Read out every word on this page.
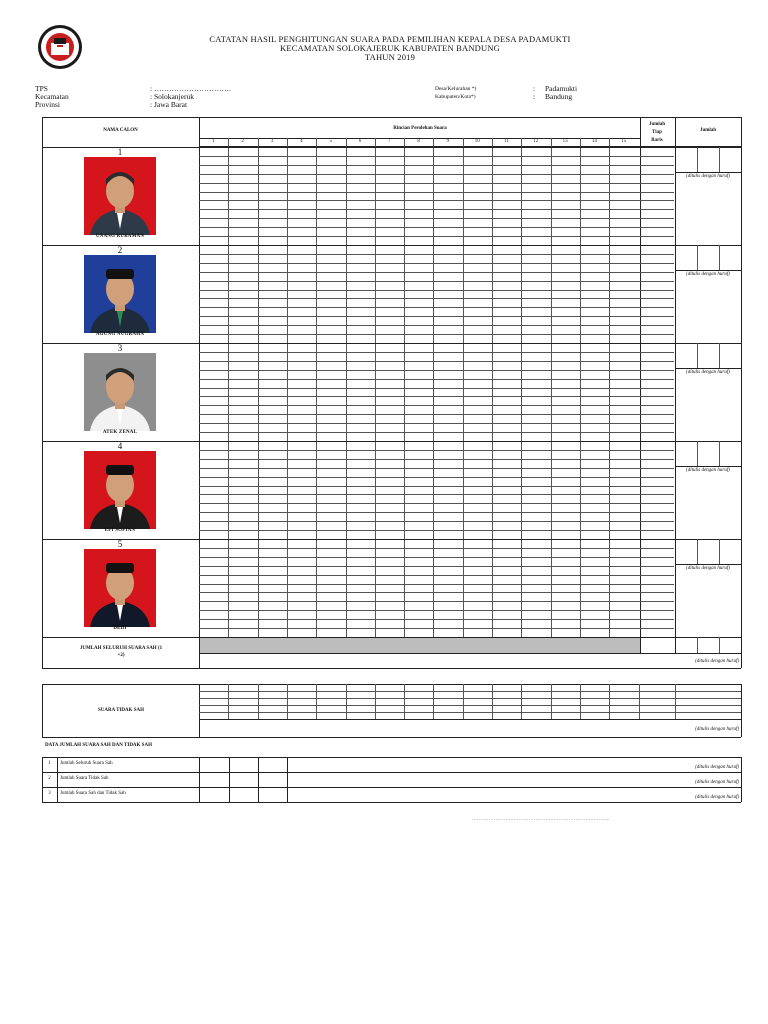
CATATAN HASIL PENGHITUNGAN SUARA PADA PEMILIHAN KEPALA DESA PADAMUKTI
KECAMATAN SOLOKAJERUK KABUPATEN BANDUNG
TAHUN 2019
TPS	: ………………………….
Kecamatan	: Solokanjeruk
Provinsi	: Jawa Barat
Desa/Kelurahan *)	: Padamukti
Kabupaten/Kota*)	: Bandung
NAMA CALON	Rincian Perolehan Suara
Jumlah
Tiap
Baris
Jumlah
1	2	3	4	5	6	7	8	9	10	11	12	13	14	15
1
UNANG RUBAMAN
(ditulis dengan huruf)
2
AGUNG NUGRAHA
(ditulis dengan huruf)
3
ATEK ZENAL
(ditulis dengan huruf)
4
EFI SOFIAN
(ditulis dengan huruf)
5
DEDI
(ditulis dengan huruf)
JUMLAH SELURUH SUARA SAH (1
+2)
(ditulis dengan huruf)
SUARA TIDAK SAH
(ditulis dengan huruf)
DATA JUMLAH SUARA SAH DAN TIDAK SAH
1	Jumlah Seluruh Suara Sah
(ditulis dengan huruf)
2	Jumlah Suara Tidak Sah
(ditulis dengan huruf)
3	Jumlah Suara Sah dan Tidak Sah
(ditulis dengan huruf)
………………………………………………………………………..
